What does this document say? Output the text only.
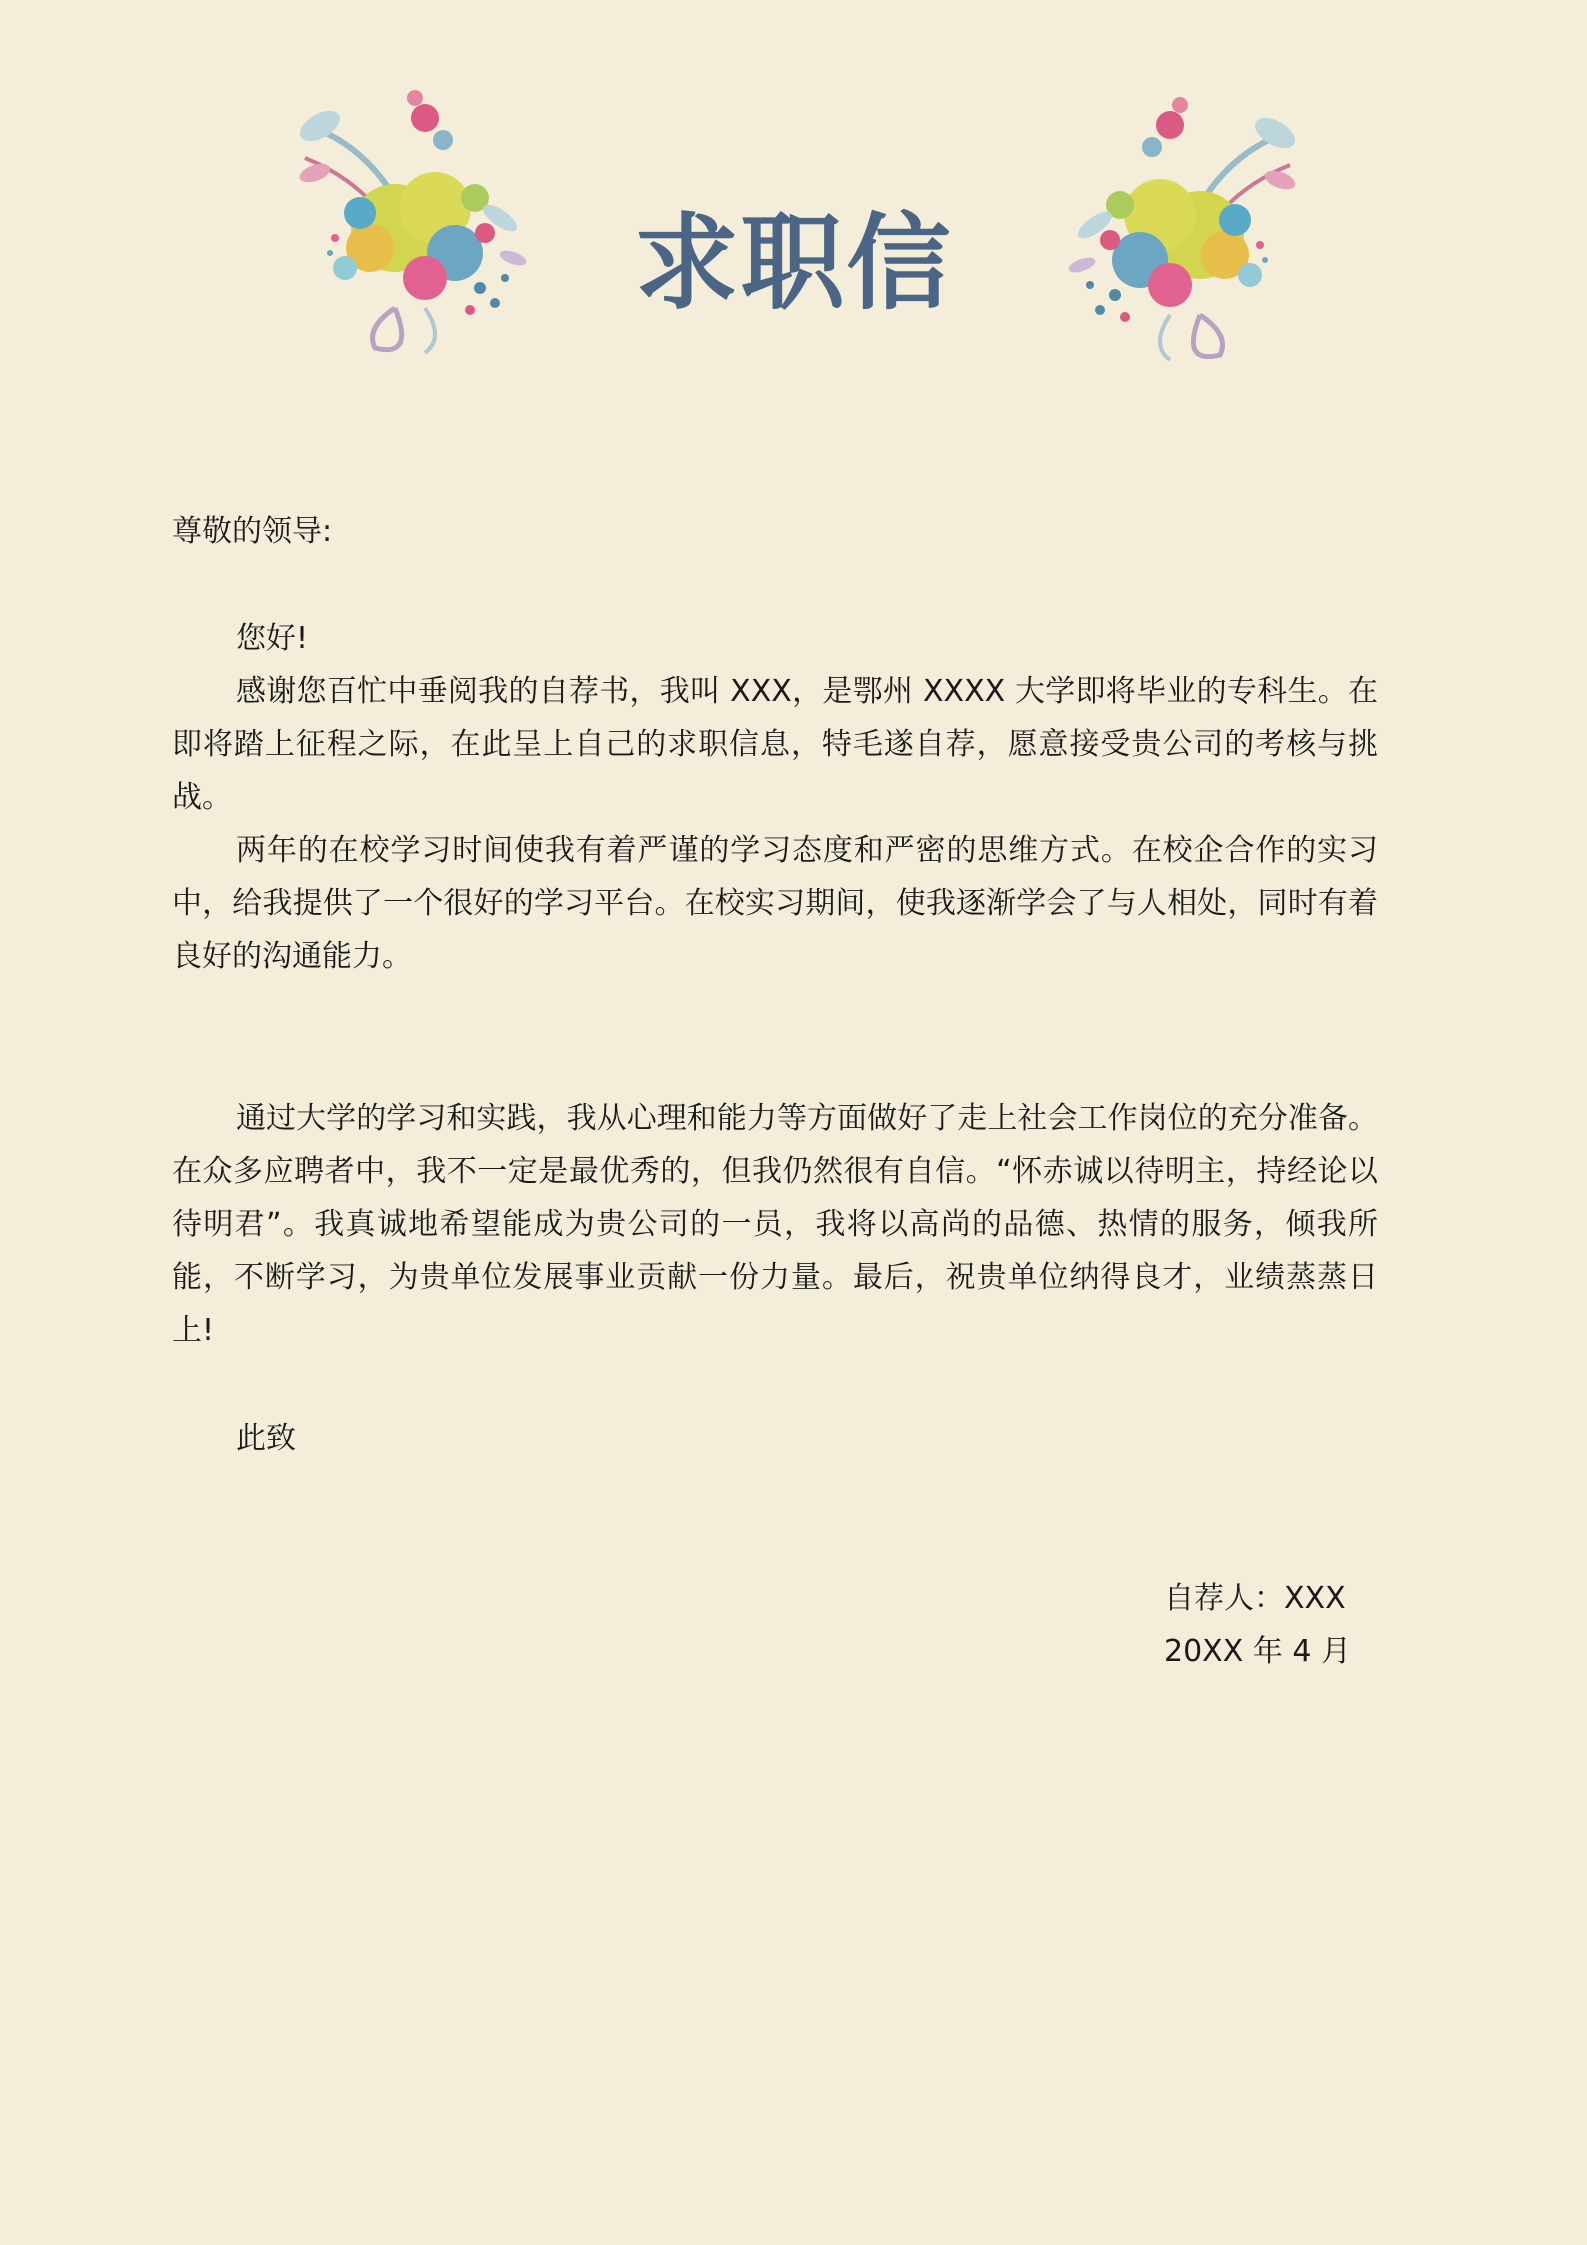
求职信
尊敬的领导:
您好!

感谢您百忙中垂阅我的自荐书，我叫 XXX，是鄂州 XXXX 大学即将毕业的专科生。在即将踏上征程之际，在此呈上自己的求职信息，特毛遂自荐，愿意接受贵公司的考核与挑战。

两年的在校学习时间使我有着严谨的学习态度和严密的思维方式。在校企合作的实习中，给我提供了一个很好的学习平台。在校实习期间，使我逐渐学会了与人相处，同时有着良好的沟通能力。

通过大学的学习和实践，我从心理和能力等方面做好了走上社会工作岗位的充分准备。在众多应聘者中，我不一定是最优秀的，但我仍然很有自信。“怀赤诚以待明主，持经论以待明君”。我真诚地希望能成为贵公司的一员，我将以高尚的品德、热情的服务，倾我所能，不断学习，为贵单位发展事业贡献一份力量。最后，祝贵单位纳得良才，业绩蒸蒸日上!

此致
自荐人：XXX
20XX 年 4 月
